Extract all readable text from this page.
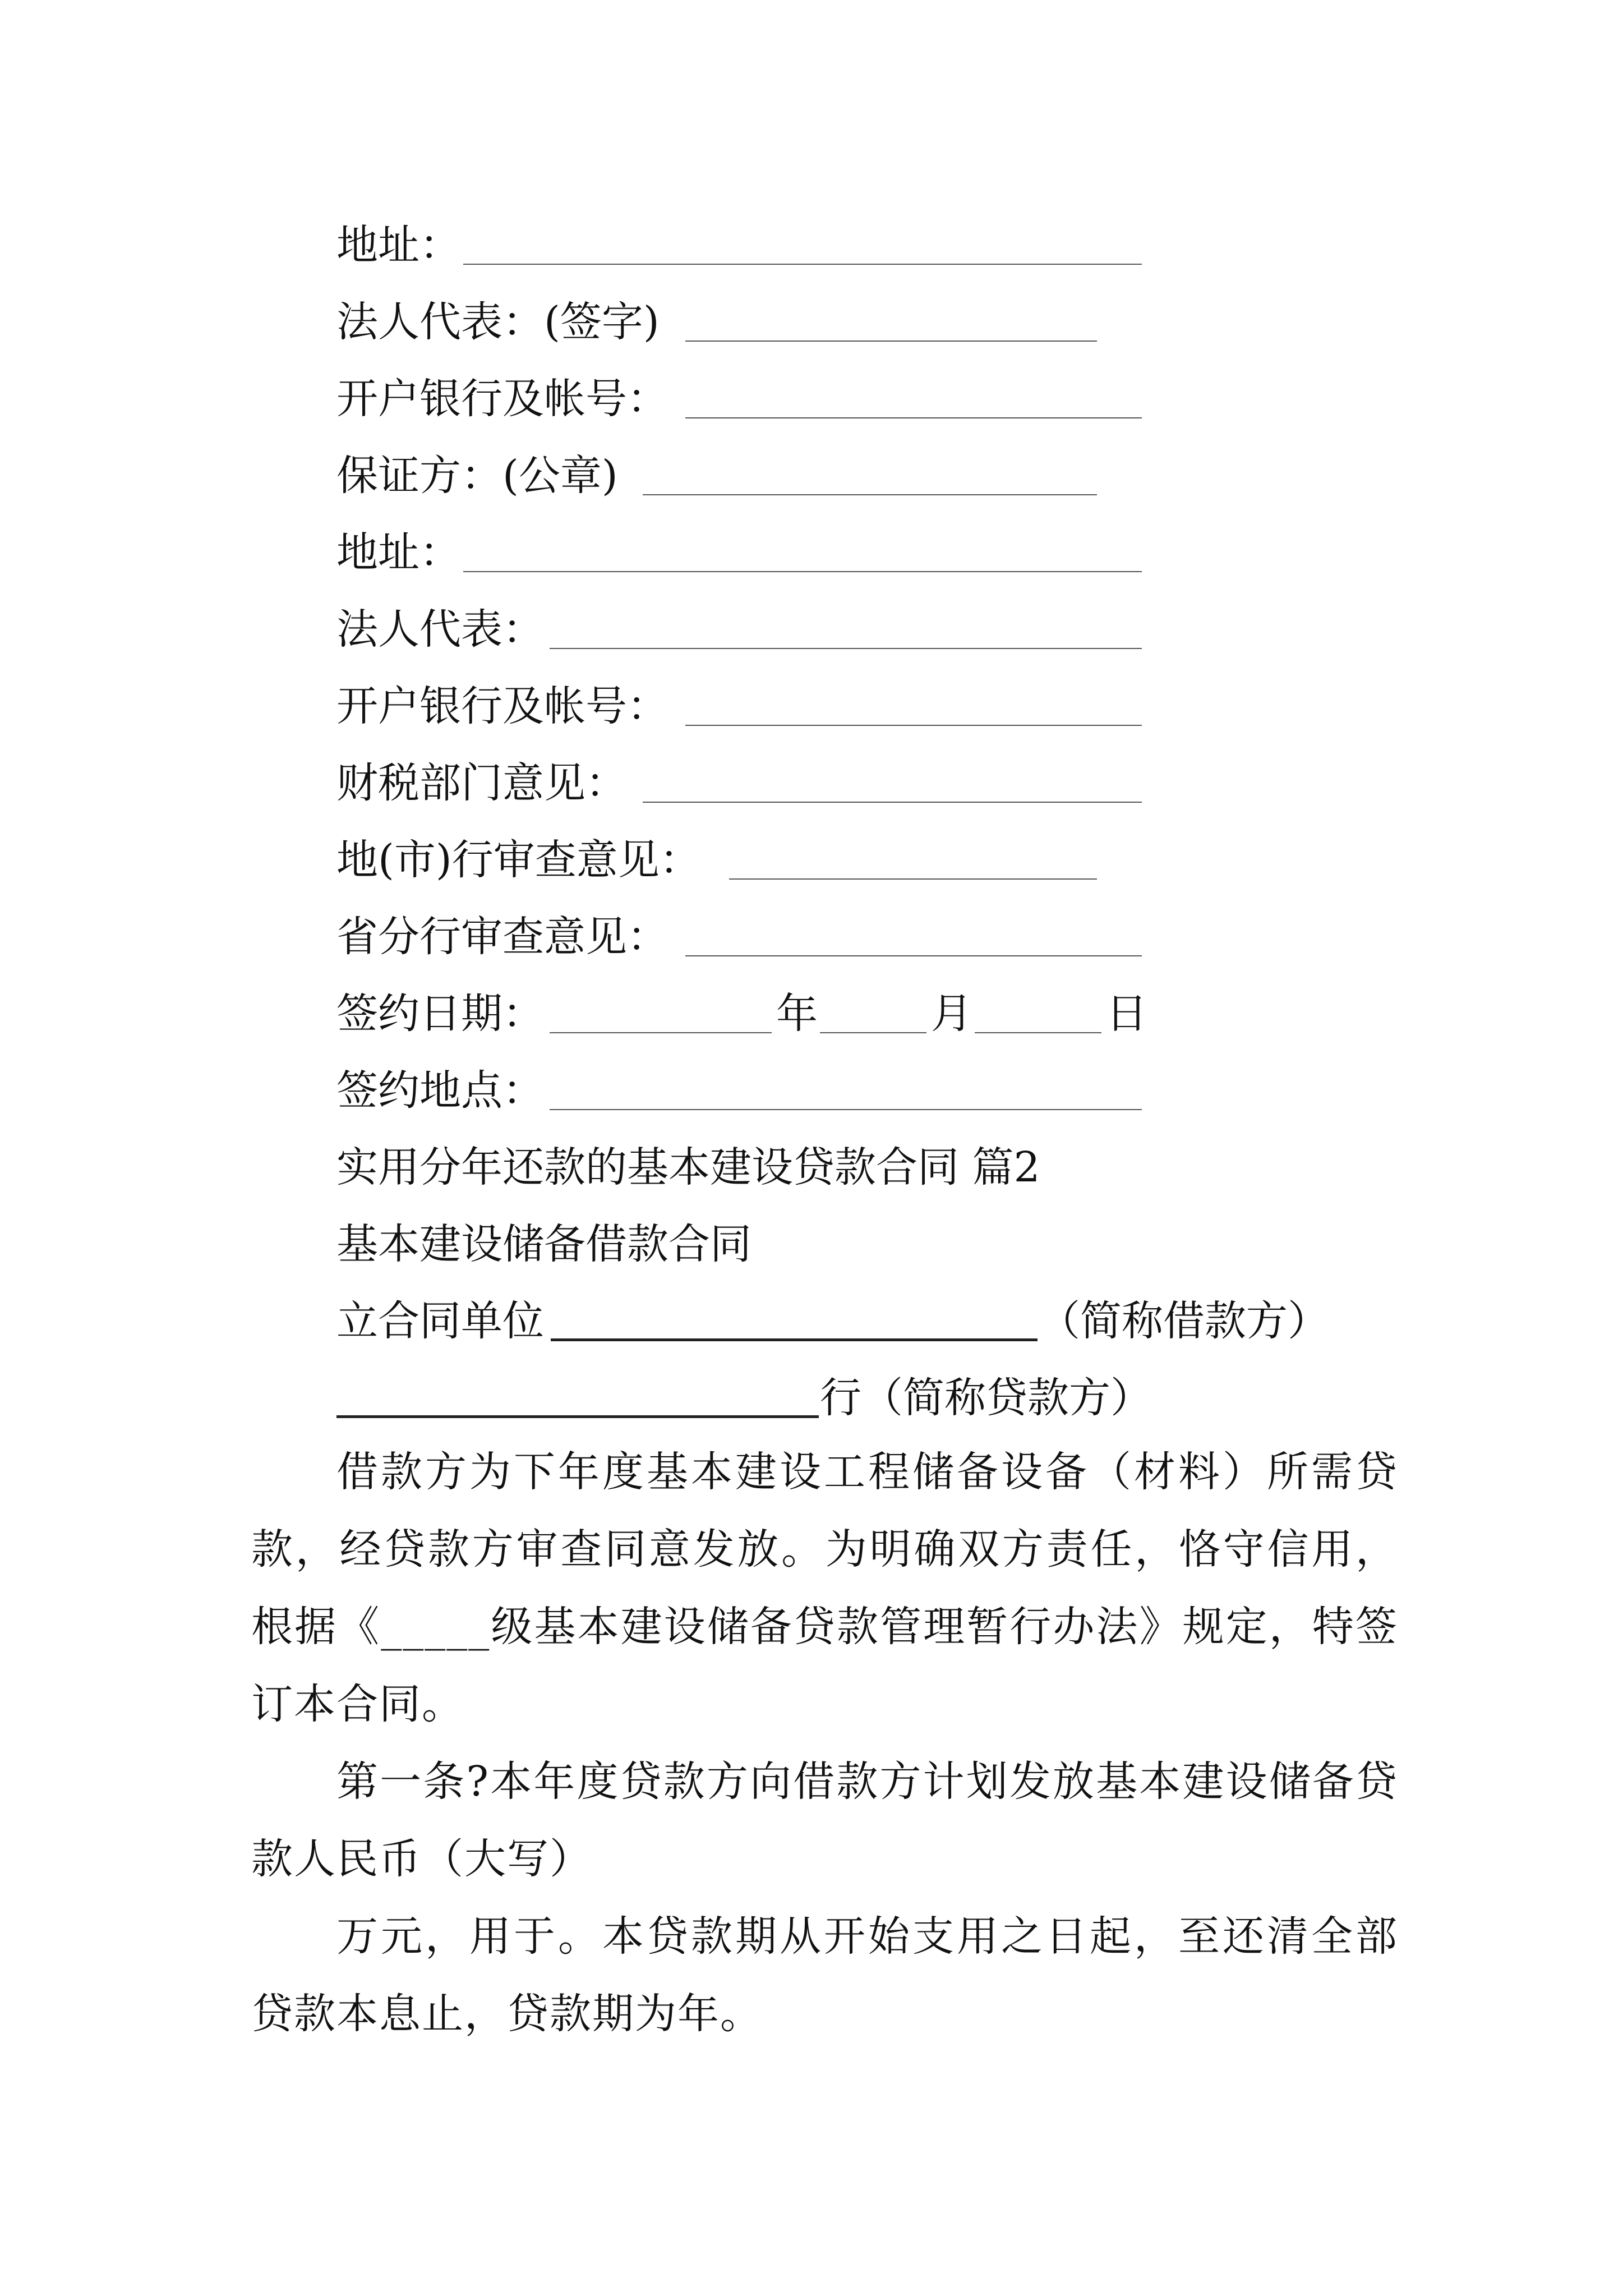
地址：
法人代表：(签字)
开户银行及帐号：
保证方：(公章)
地址：
法人代表：
开户银行及帐号：
财税部门意见：
地(市)行审查意见：
省分行审查意见：
签约日期：	年	月	日
签约地点：
实用分年还款的基本建设贷款合同 篇2
基本建设储备借款合同
立合同单位	（简称借款方）
行（简称贷款方）

借款方为下年度基本建设工程储备设备（材料）所需贷款，经贷款方审查同意发放。为明确双方责任，恪守信用，根据《_____级基本建设储备贷款管理暂行办法》规定，特签订本合同。

第一条?本年度贷款方向借款方计划发放基本建设储备贷款人民币（大写）

万元，用于。本贷款期从开始支用之日起，至还清全部贷款本息止，贷款期为年。
